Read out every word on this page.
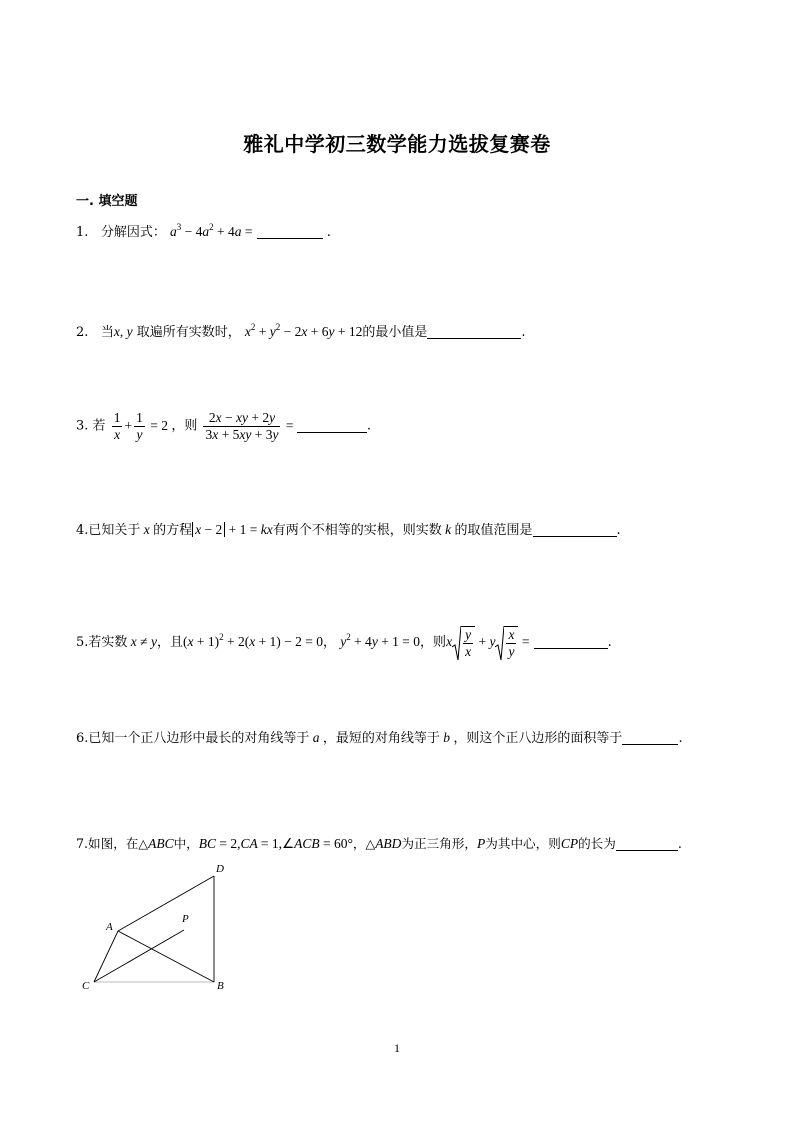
雅礼中学初三数学能力选拔复赛卷
一. 填空题
1. 分解因式： $a^3 - 4a^2 + 4a$ =	.
2. 当x, y 取遍所有实数时， $x^2 + y^2 - 2x + 6y + 12$的最小值是	.
3. 若 $\frac{1}{x} + \frac{1}{y} = 2$ ，则 $\frac{2x - xy + 2y}{3x + 5xy + 3y}$ =	.
4.已知关于 x 的方程 x − 2 + 1 = kx有两个不相等的实根，则实数 k 的取值范围是	.
5.若实数 x ≠ y，且$(x + 1)^2 + 2(x + 1) - 2 = 0$， $y^2 + 4y + 1 = 0$，则x $\frac{y}{x} + y \frac{x}{y}$ =	.
6.已知一个正八边形中最长的对角线等于 a ，最短的对角线等于 b ，则这个正八边形的面积等于	.
7.如图，在△ABC中，BC = 2,CA = 1,∠ACB = 60°，△ABD为正三角形，P为其中心，则CP的长为	.
A
B
C
D
P
1
